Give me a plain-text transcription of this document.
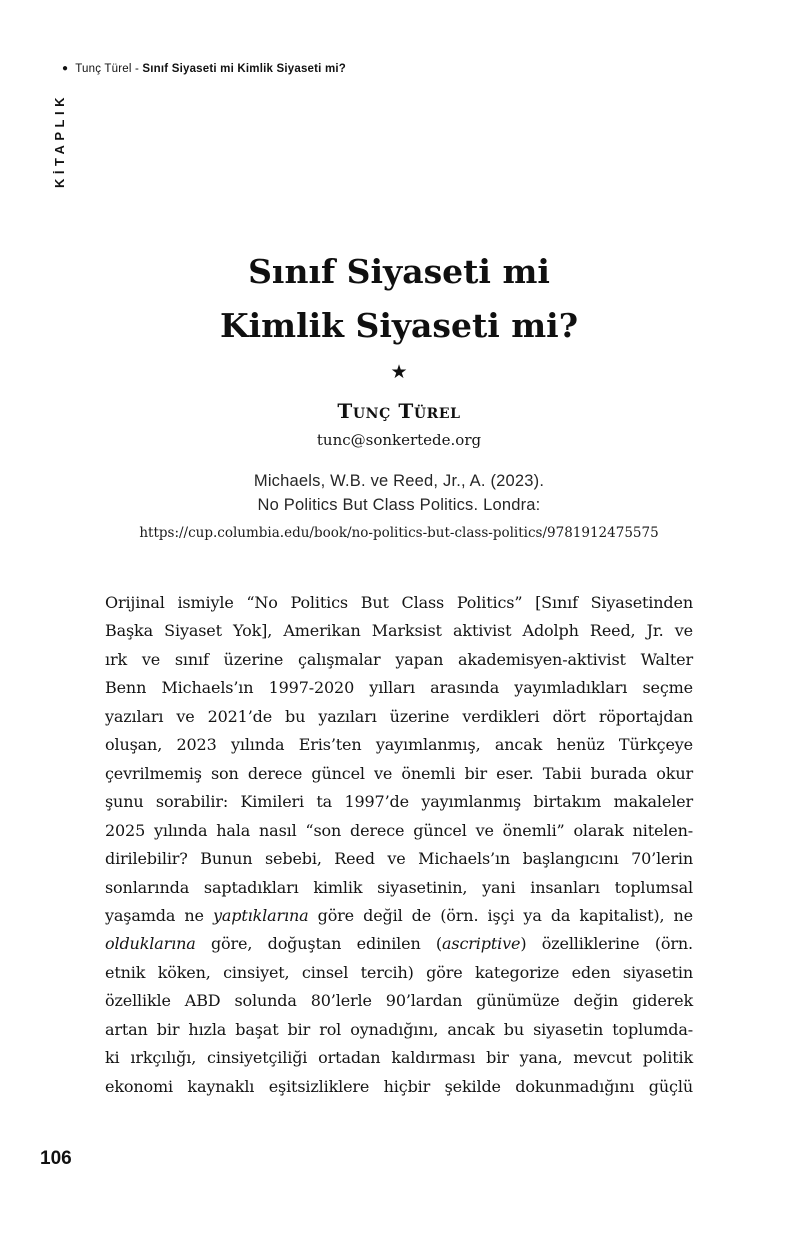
● Tunç Türel - Sınıf Siyaseti mi Kimlik Siyaseti mi?
KİTAPLIK
Sınıf Siyaseti mi
Kimlik Siyaseti mi?
★
Tunç Türel
tunc@sonkertede.org
Michaels, W.B. ve Reed, Jr., A. (2023).
No Politics But Class Politics. Londra:
https://cup.columbia.edu/book/no-politics-but-class-politics/9781912475575
Orijinal ismiyle “No Politics But Class Politics” [Sınıf Siyasetinden
Başka Siyaset Yok], Amerikan Marksist aktivist Adolph Reed, Jr. ve
ırk ve sınıf üzerine çalışmalar yapan akademisyen-aktivist Walter
Benn Michaels’ın 1997-2020 yılları arasında yayımladıkları seçme
yazıları ve 2021’de bu yazıları üzerine verdikleri dört röportajdan
oluşan, 2023 yılında Eris’ten yayımlanmış, ancak henüz Türkçeye
çevrilmemiş son derece güncel ve önemli bir eser. Tabii burada okur
şunu sorabilir: Kimileri ta 1997’de yayımlanmış birtakım makaleler
2025 yılında hala nasıl “son derece güncel ve önemli” olarak nitelen-
dirilebilir? Bunun sebebi, Reed ve Michaels’ın başlangıcını 70’lerin
sonlarında saptadıkları kimlik siyasetinin, yani insanları toplumsal
yaşamda ne yaptıklarına göre değil de (örn. işçi ya da kapitalist), ne
olduklarına göre, doğuştan edinilen (ascriptive) özelliklerine (örn.
etnik köken, cinsiyet, cinsel tercih) göre kategorize eden siyasetin
özellikle ABD solunda 80’lerle 90’lardan günümüze değin giderek
artan bir hızla başat bir rol oynadığını, ancak bu siyasetin toplumda-
ki ırkçılığı, cinsiyetçiliği ortadan kaldırması bir yana, mevcut politik
ekonomi kaynaklı eşitsizliklere hiçbir şekilde dokunmadığını güçlü
106
